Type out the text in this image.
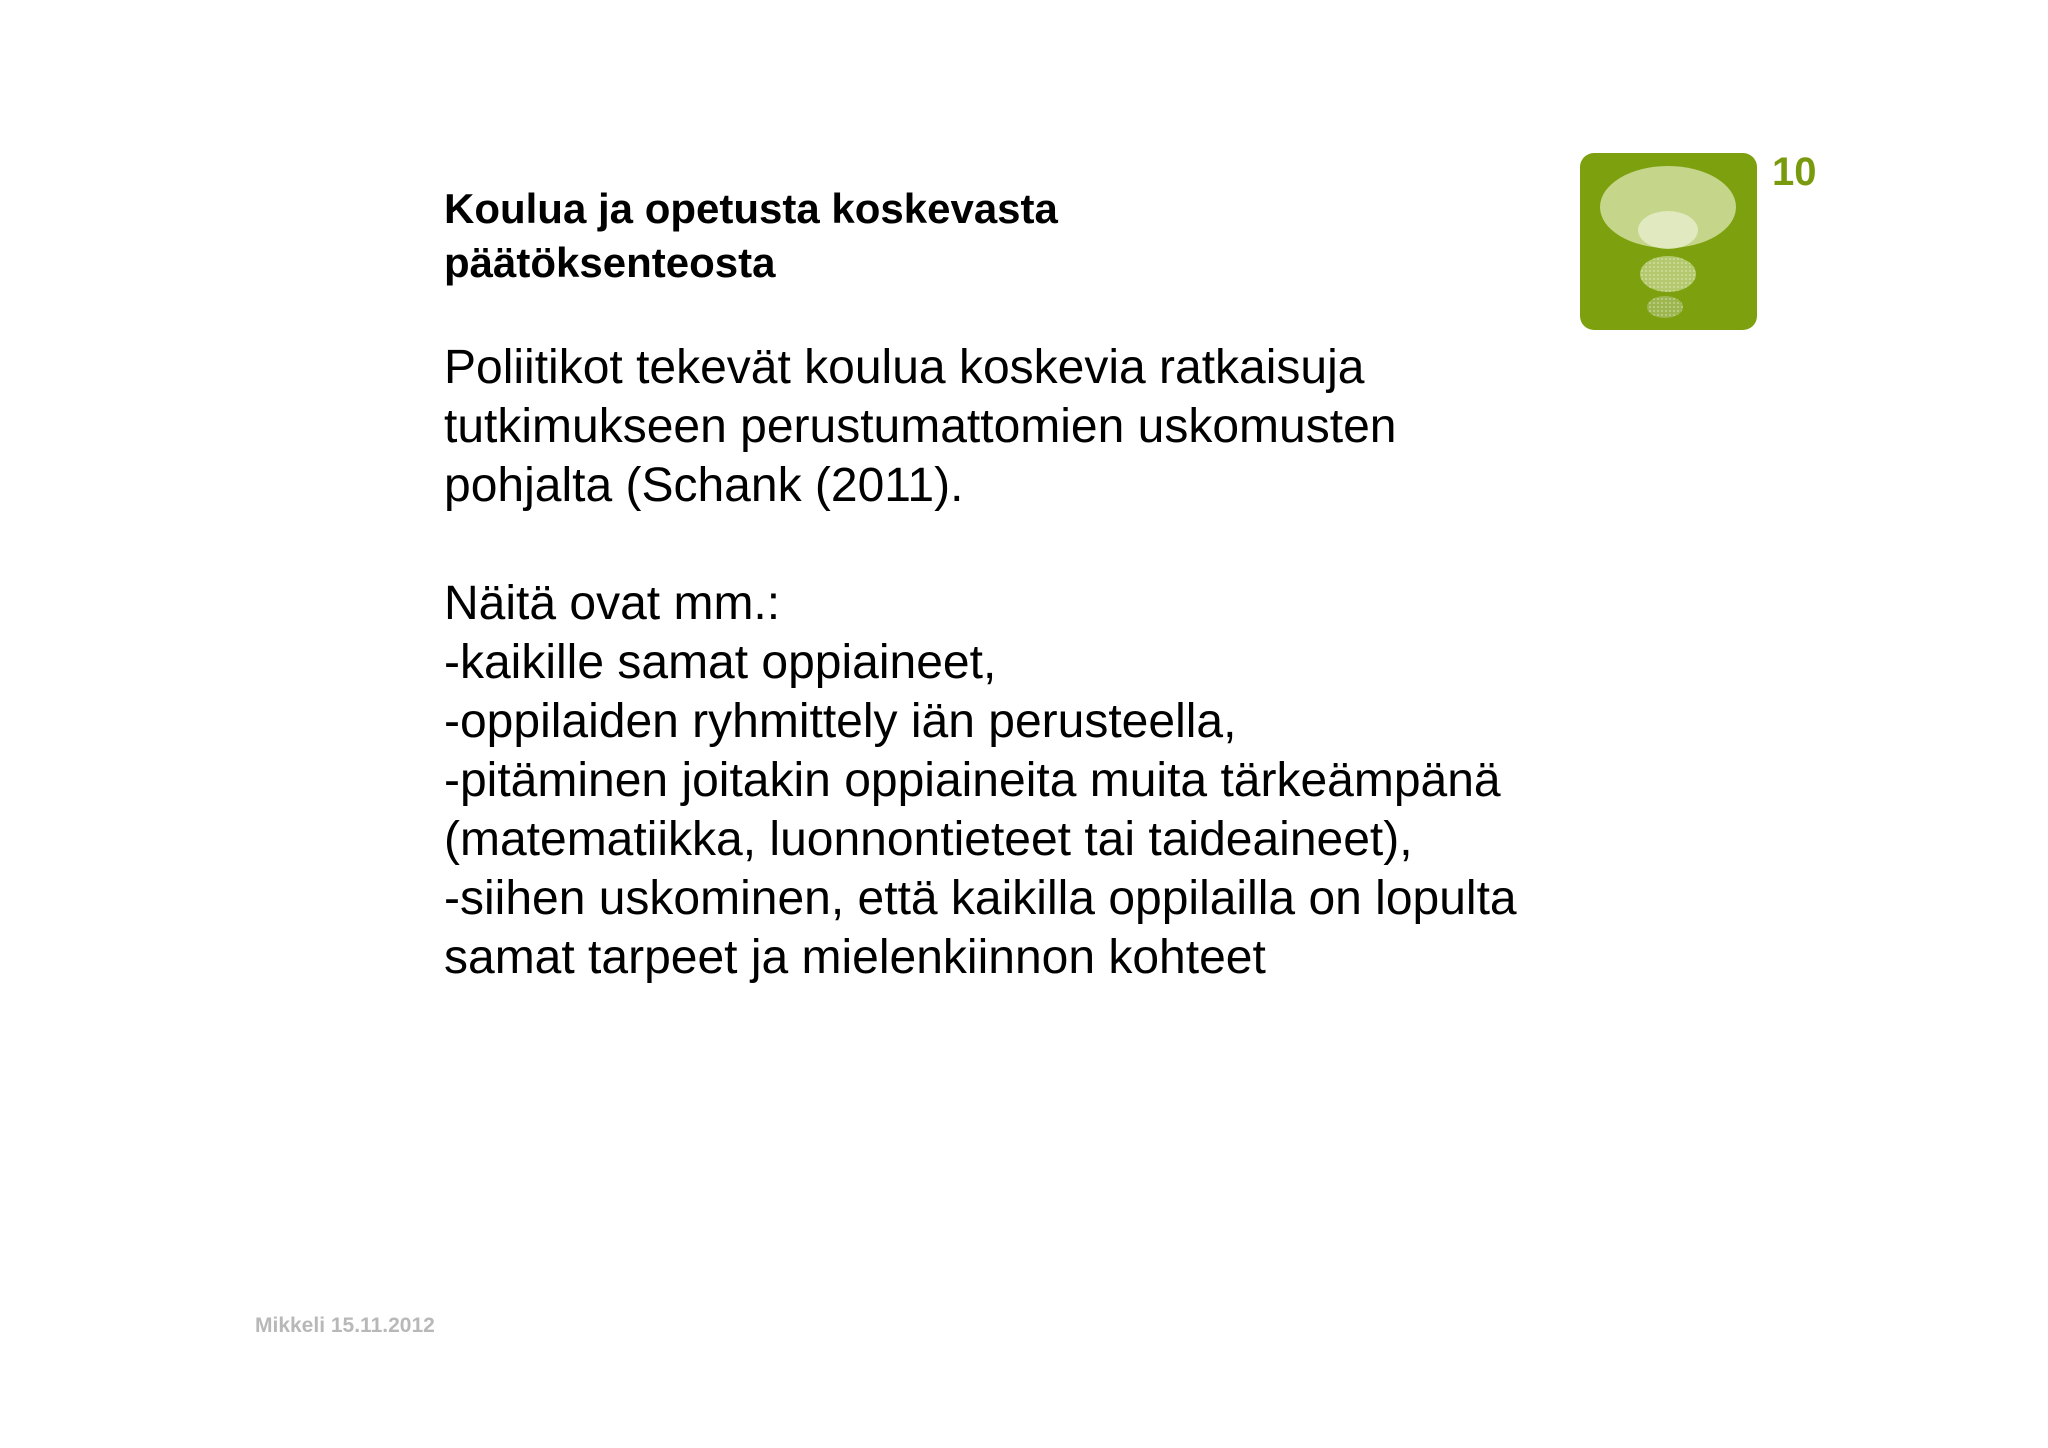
Koulua ja opetusta koskevasta
päätöksenteosta
10

Poliitikot tekevät koulua koskevia ratkaisuja
tutkimukseen perustumattomien uskomusten
pohjalta (Schank (2011).

Näitä ovat mm.:
-kaikille samat oppiaineet,
-oppilaiden ryhmittely iän perusteella,
-pitäminen joitakin oppiaineita muita tärkeämpänä
(matematiikka, luonnontieteet tai taideaineet),
-siihen uskominen, että kaikilla oppilailla on lopulta
samat tarpeet ja mielenkiinnon kohteet

Mikkeli 15.11.2012
